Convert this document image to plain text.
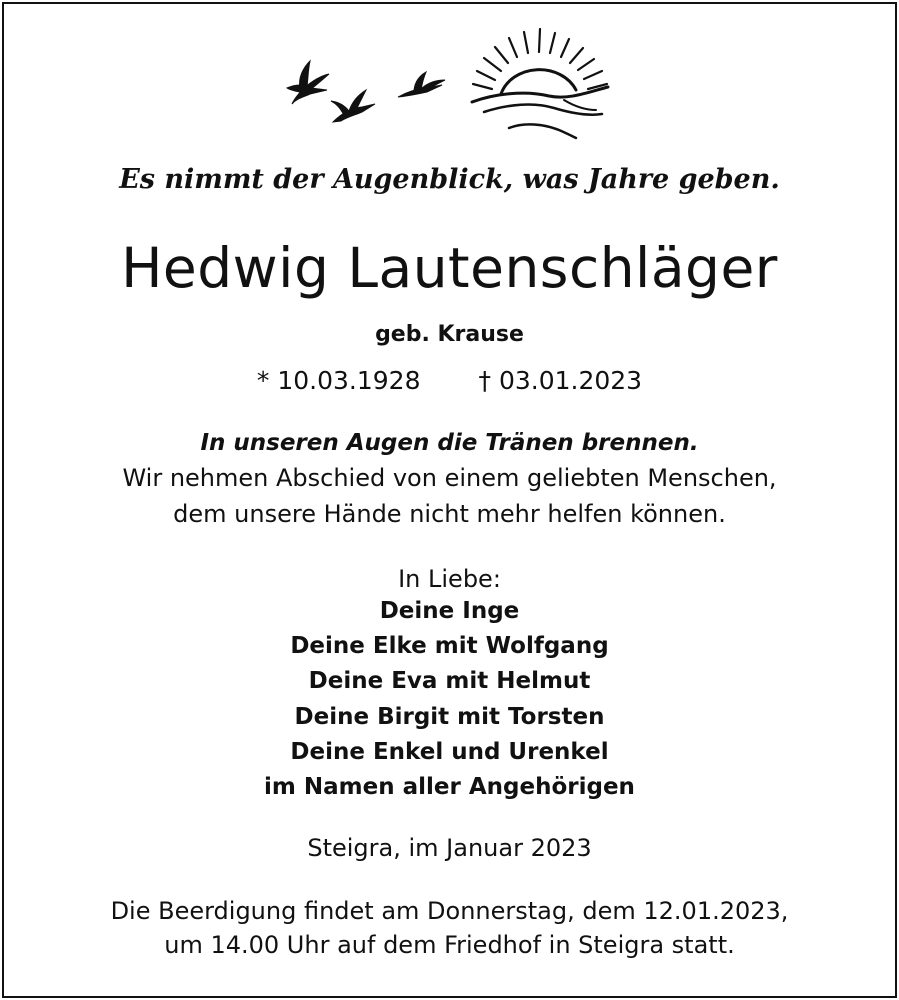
Es nimmt der Augenblick, was Jahre geben.
Hedwig Lautenschläger
geb. Krause
* 10.03.1928 † 03.01.2023
In unseren Augen die Tränen brennen.
Wir nehmen Abschied von einem geliebten Menschen,
dem unsere Hände nicht mehr helfen können.
In Liebe:
Deine Inge
Deine Elke mit Wolfgang
Deine Eva mit Helmut
Deine Birgit mit Torsten
Deine Enkel und Urenkel
im Namen aller Angehörigen
Steigra, im Januar 2023
Die Beerdigung findet am Donnerstag, dem 12.01.2023,
um 14.00 Uhr auf dem Friedhof in Steigra statt.
